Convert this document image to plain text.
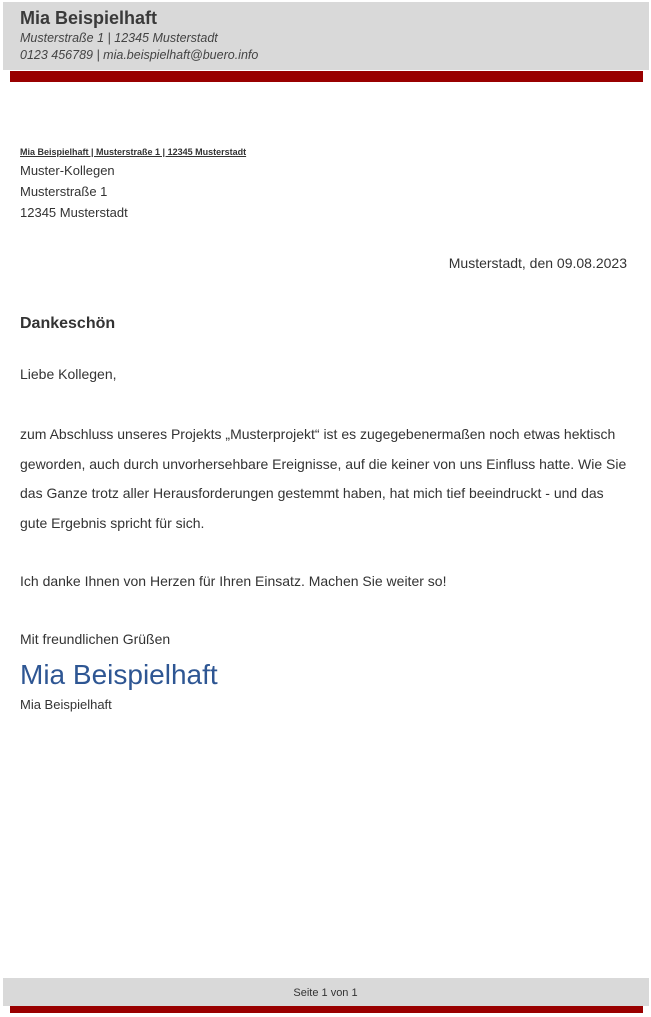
Mia Beispielhaft
Musterstraße 1 | 12345 Musterstadt
0123 456789 | mia.beispielhaft@buero.info
Mia Beispielhaft | Musterstraße 1 | 12345 Musterstadt
Muster-Kollegen
Musterstraße 1
12345 Musterstadt
Musterstadt, den 09.08.2023
Dankeschön
Liebe Kollegen,
zum Abschluss unseres Projekts „Musterprojekt“ ist es zugegebenermaßen noch etwas hektisch geworden, auch durch unvorhersehbare Ereignisse, auf die keiner von uns Einfluss hatte. Wie Sie das Ganze trotz aller Herausforderungen gestemmt haben, hat mich tief beeindruckt - und das gute Ergebnis spricht für sich.
Ich danke Ihnen von Herzen für Ihren Einsatz. Machen Sie weiter so!
Mit freundlichen Grüßen
Mia Beispielhaft
Mia Beispielhaft
Seite 1 von 1
